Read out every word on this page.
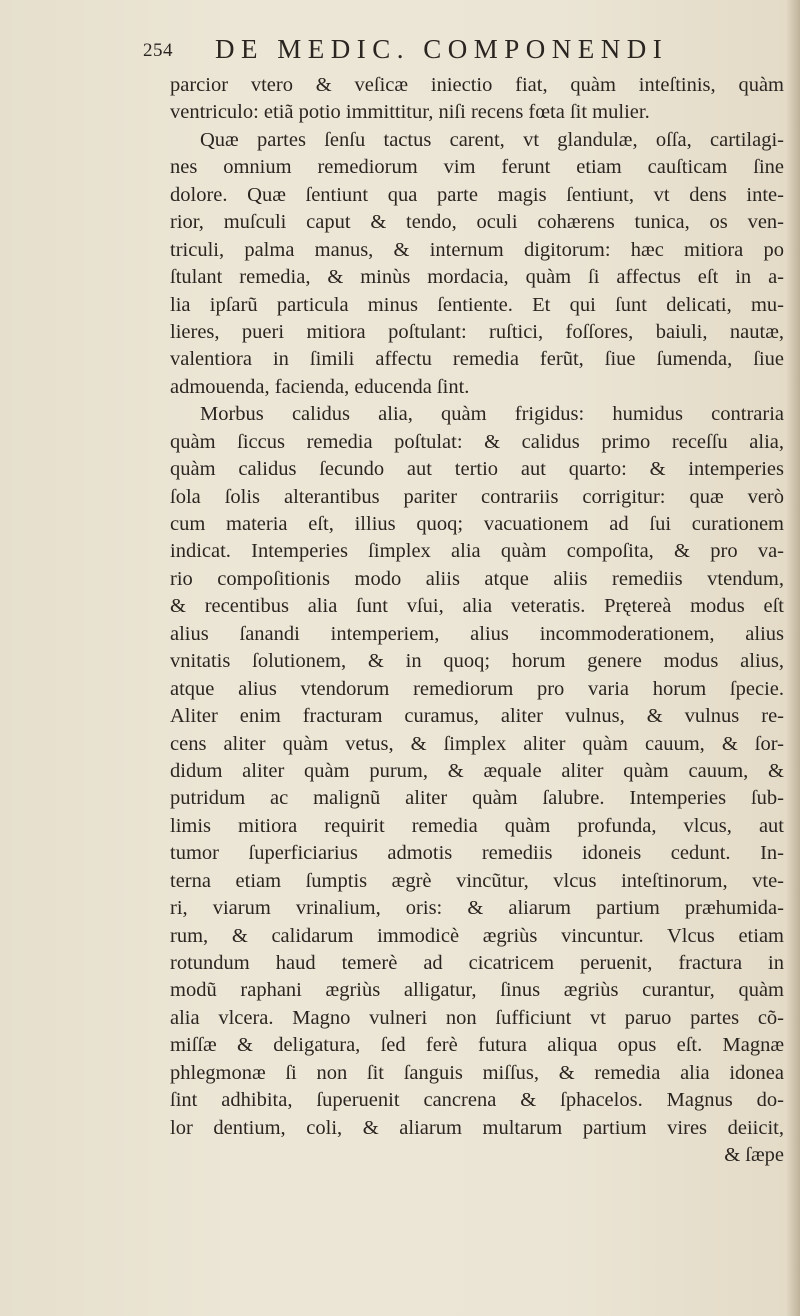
254 DE MEDIC. COMPONENDI
parcior vtero & veſicæ iniectio fiat, quàm inteſtinis, quàm
ventriculo: etiã potio immittitur, niſi recens fœta ſit mulier.
Quæ partes ſenſu tactus carent, vt glandulæ, oſſa, cartilagi-
nes omnium remediorum vim ferunt etiam cauſticam ſine
dolore. Quæ ſentiunt qua parte magis ſentiunt, vt dens inte-
rior, muſculi caput & tendo, oculi cohærens tunica, os ven-
triculi, palma manus, & internum digitorum: hæc mitiora po
ſtulant remedia, & minùs mordacia, quàm ſi affectus eſt in a-
lia ipſarũ particula minus ſentiente. Et qui ſunt delicati, mu-
lieres, pueri mitiora poſtulant: ruſtici, foſſores, baiuli, nautæ,
valentiora in ſimili affectu remedia ferũt, ſiue ſumenda, ſiue
admouenda, facienda, educenda ſint.
Morbus calidus alia, quàm frigidus: humidus contraria
quàm ſiccus remedia poſtulat: & calidus primo receſſu alia,
quàm calidus ſecundo aut tertio aut quarto: & intemperies
ſola ſolis alterantibus pariter contrariis corrigitur: quæ verò
cum materia eſt, illius quoq; vacuationem ad ſui curationem
indicat. Intemperies ſimplex alia quàm compoſita, & pro va-
rio compoſitionis modo aliis atque aliis remediis vtendum,
& recentibus alia ſunt vſui, alia veteratis. Prętereà modus eſt
alius ſanandi intemperiem, alius incommoderationem, alius
vnitatis ſolutionem, & in quoq; horum genere modus alius,
atque alius vtendorum remediorum pro varia horum ſpecie.
Aliter enim fracturam curamus, aliter vulnus, & vulnus re-
cens aliter quàm vetus, & ſimplex aliter quàm cauum, & ſor-
didum aliter quàm purum, & æquale aliter quàm cauum, &
putridum ac malignũ aliter quàm ſalubre. Intemperies ſub-
limis mitiora requirit remedia quàm profunda, vlcus, aut
tumor ſuperficiarius admotis remediis idoneis cedunt. In-
terna etiam ſumptis ægrè vincũtur, vlcus inteſtinorum, vte-
ri, viarum vrinalium, oris: & aliarum partium præhumida-
rum, & calidarum immodicè ægriùs vincuntur. Vlcus etiam
rotundum haud temerè ad cicatricem peruenit, fractura in
modũ raphani ægriùs alligatur, ſinus ægriùs curantur, quàm
alia vlcera. Magno vulneri non ſufficiunt vt paruo partes cõ-
miſſæ & deligatura, ſed ferè futura aliqua opus eſt. Magnæ
phlegmonæ ſi non ſit ſanguis miſſus, & remedia alia idonea
ſint adhibita, ſuperuenit cancrena & ſphacelos. Magnus do-
lor dentium, coli, & aliarum multarum partium vires deiicit,
& ſæpe
